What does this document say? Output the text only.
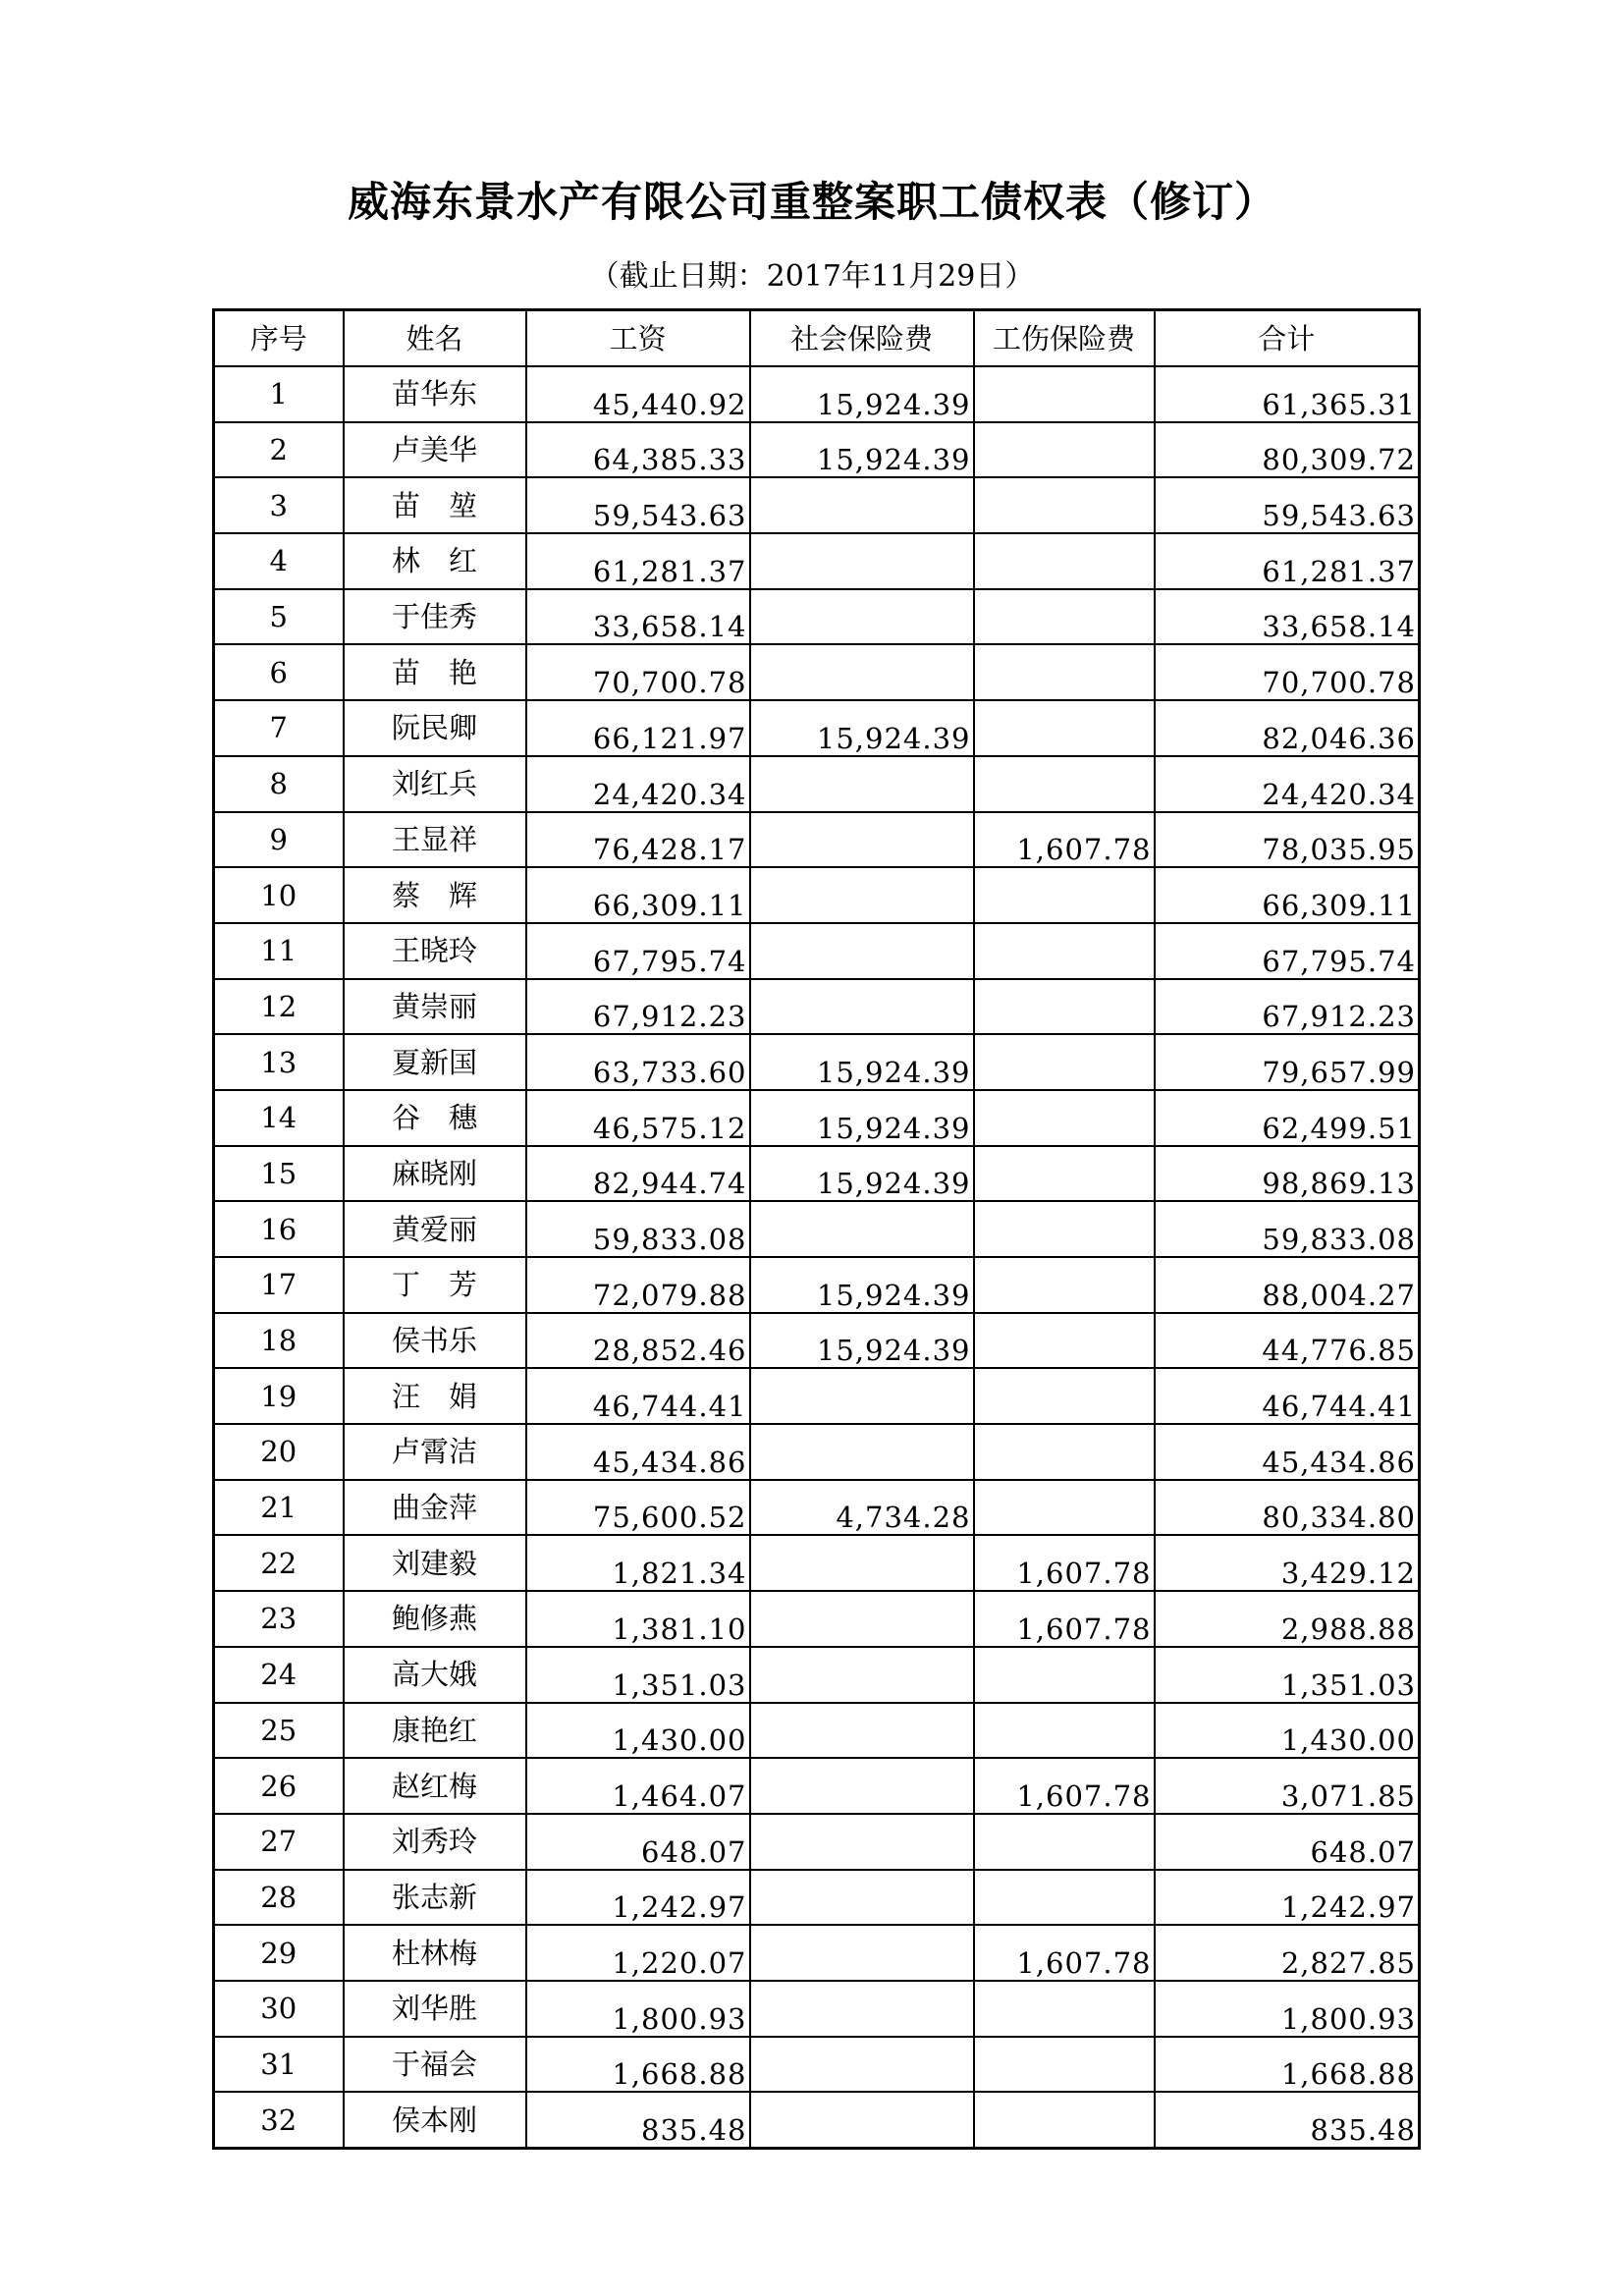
威海东景水产有限公司重整案职工债权表（修订）
（截止日期：2017年11月29日）
序号	姓名	工资	社会保险费	工伤保险费	合计
1	苗华东	45,440.92	15,924.39		61,365.31
2	卢美华	64,385.33	15,924.39		80,309.72
3	苗　堃	59,543.63			59,543.63
4	林　红	61,281.37			61,281.37
5	于佳秀	33,658.14			33,658.14
6	苗　艳	70,700.78			70,700.78
7	阮民卿	66,121.97	15,924.39		82,046.36
8	刘红兵	24,420.34			24,420.34
9	王显祥	76,428.17		1,607.78	78,035.95
10	蔡　辉	66,309.11			66,309.11
11	王晓玲	67,795.74			67,795.74
12	黄崇丽	67,912.23			67,912.23
13	夏新国	63,733.60	15,924.39		79,657.99
14	谷　穗	46,575.12	15,924.39		62,499.51
15	麻晓刚	82,944.74	15,924.39		98,869.13
16	黄爱丽	59,833.08			59,833.08
17	丁　芳	72,079.88	15,924.39		88,004.27
18	侯书乐	28,852.46	15,924.39		44,776.85
19	汪　娟	46,744.41			46,744.41
20	卢霄洁	45,434.86			45,434.86
21	曲金萍	75,600.52	4,734.28		80,334.80
22	刘建毅	1,821.34		1,607.78	3,429.12
23	鲍修燕	1,381.10		1,607.78	2,988.88
24	高大娥	1,351.03			1,351.03
25	康艳红	1,430.00			1,430.00
26	赵红梅	1,464.07		1,607.78	3,071.85
27	刘秀玲	648.07			648.07
28	张志新	1,242.97			1,242.97
29	杜林梅	1,220.07		1,607.78	2,827.85
30	刘华胜	1,800.93			1,800.93
31	于福会	1,668.88			1,668.88
32	侯本刚	835.48			835.48
